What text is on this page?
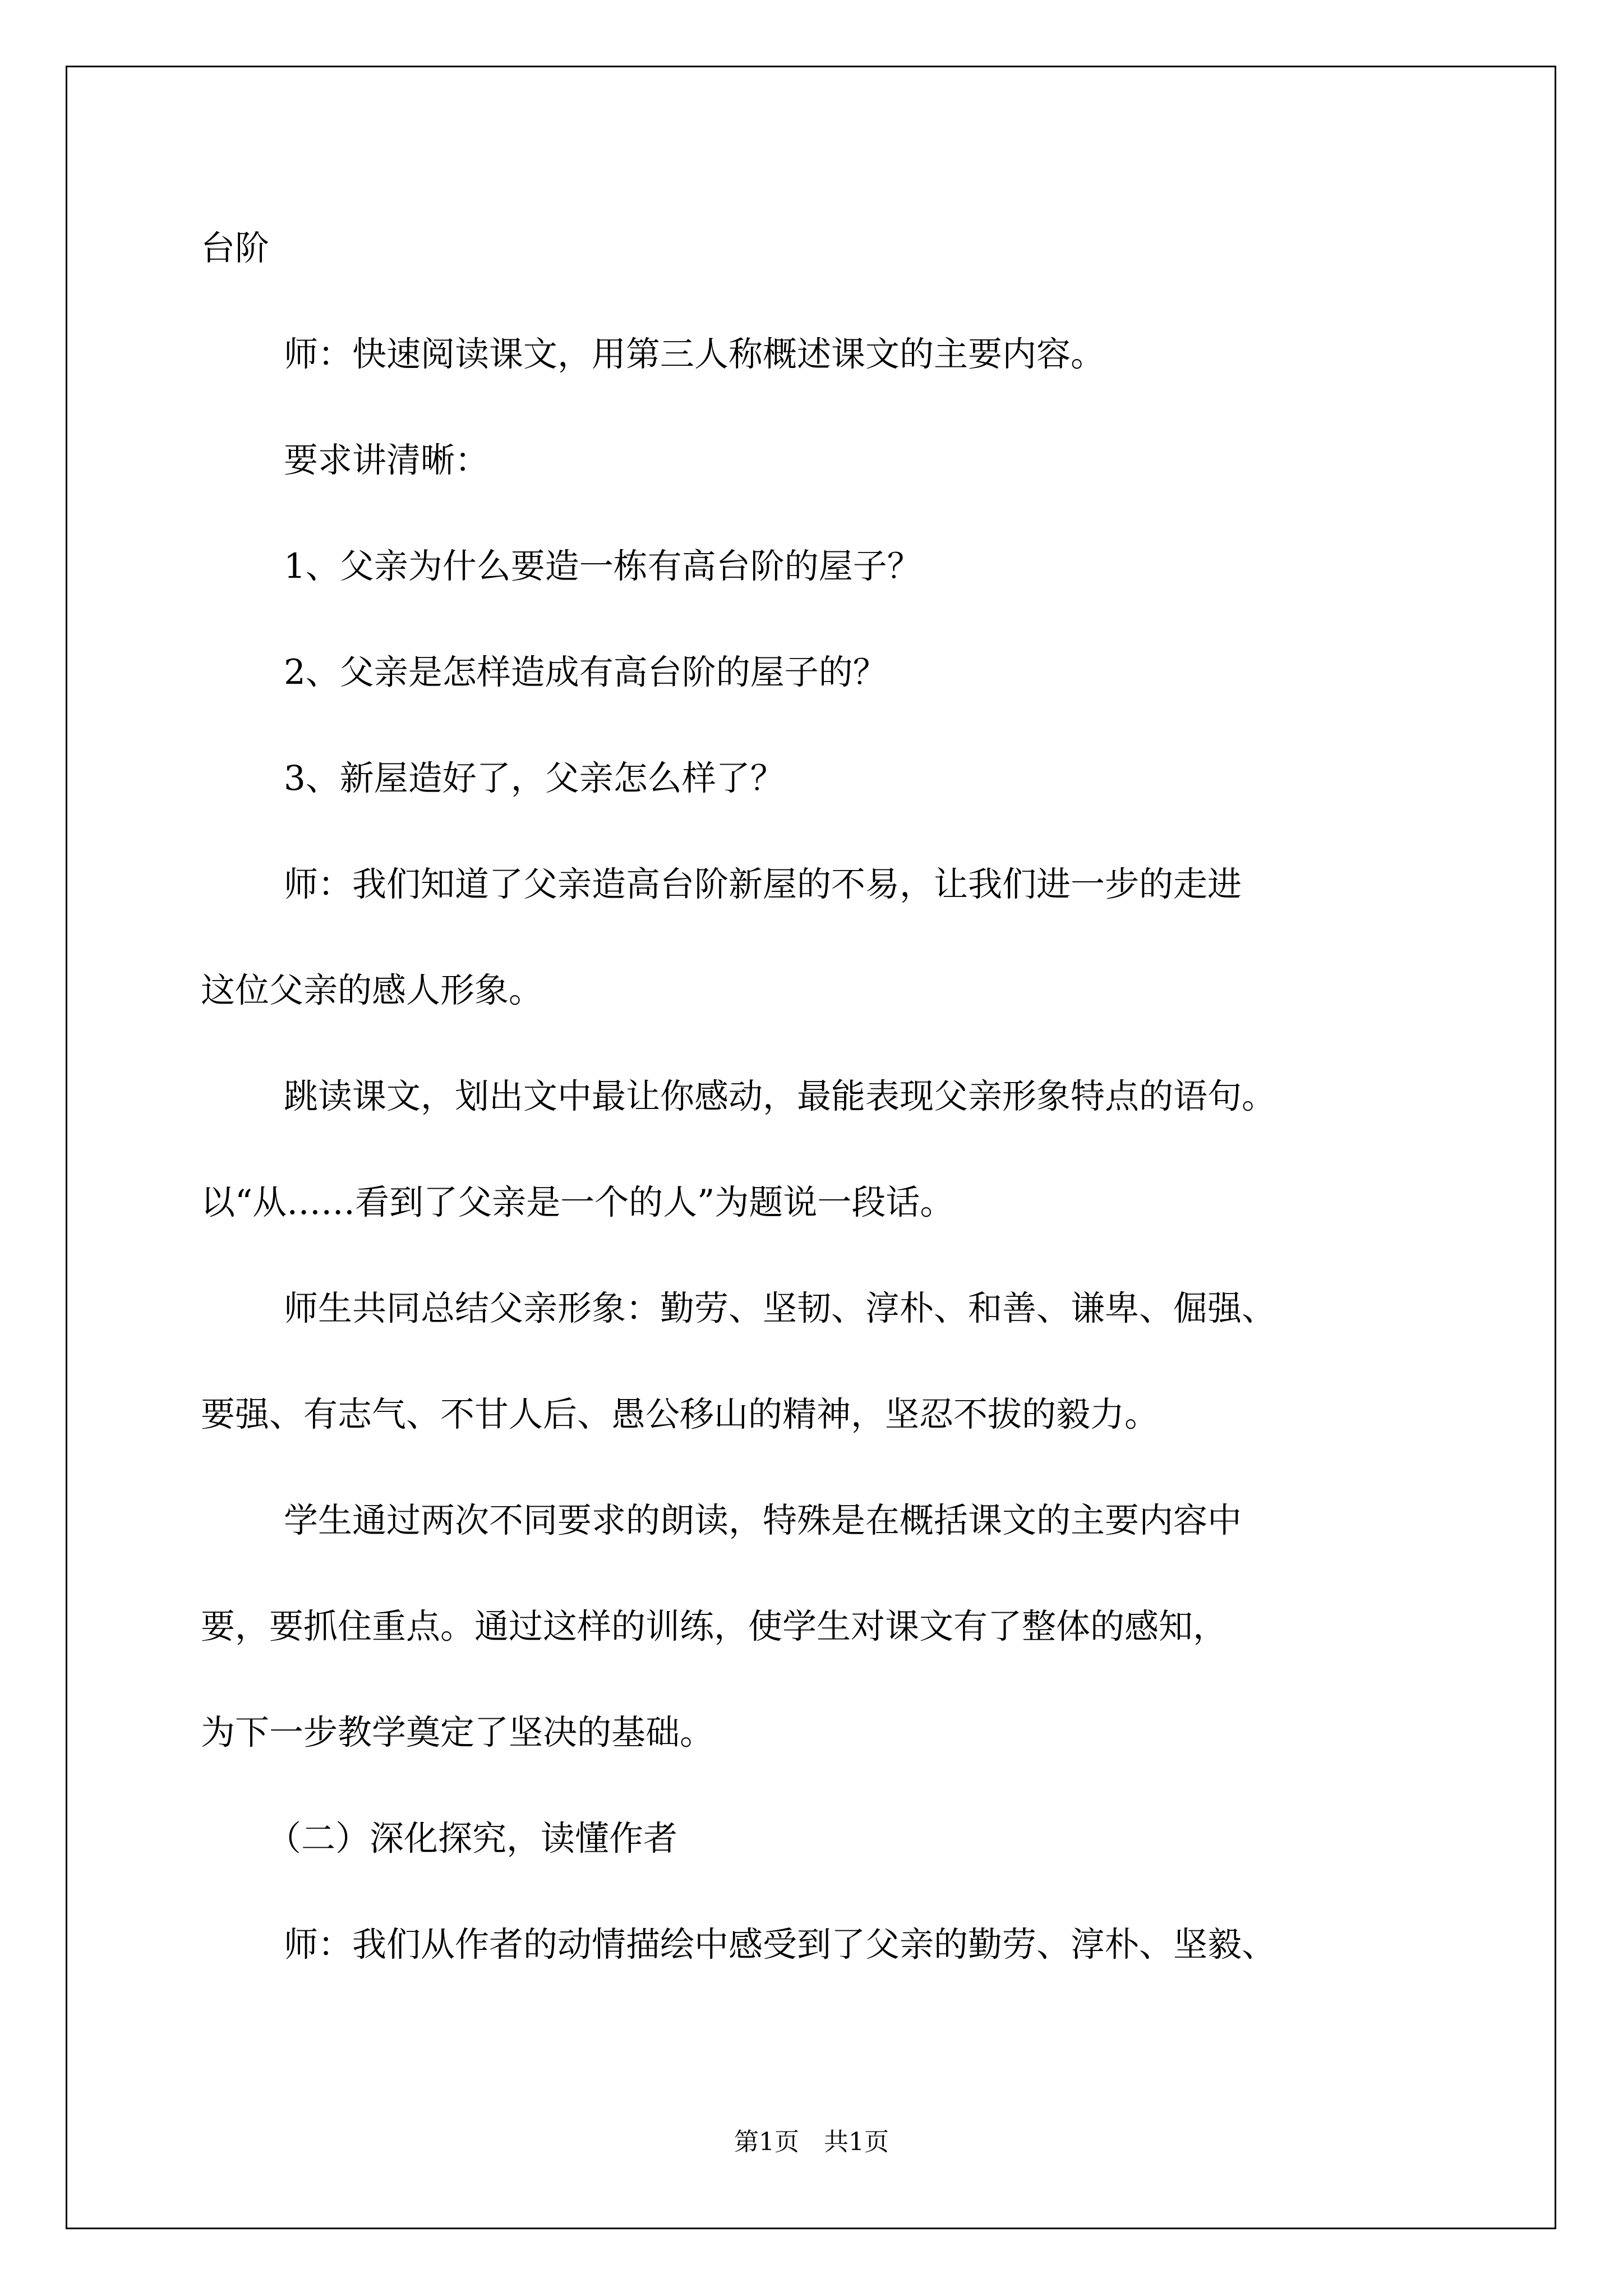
台阶
师：快速阅读课文，用第三人称概述课文的主要内容。
要求讲清晰：
1、父亲为什么要造一栋有高台阶的屋子？
2、父亲是怎样造成有高台阶的屋子的？
3、新屋造好了，父亲怎么样了？
师：我们知道了父亲造高台阶新屋的不易，让我们进一步的走进
这位父亲的感人形象。
跳读课文，划出文中最让你感动，最能表现父亲形象特点的语句。
以“从……看到了父亲是一个的人”为题说一段话。
师生共同总结父亲形象：勤劳、坚韧、淳朴、和善、谦卑、倔强、
要强、有志气、不甘人后、愚公移山的精神，坚忍不拔的毅力。
学生通过两次不同要求的朗读，特殊是在概括课文的主要内容中
要，要抓住重点。通过这样的训练，使学生对课文有了整体的感知，
为下一步教学奠定了坚决的基础。
（二）深化探究，读懂作者
师：我们从作者的动情描绘中感受到了父亲的勤劳、淳朴、坚毅、
第1页　共1页
